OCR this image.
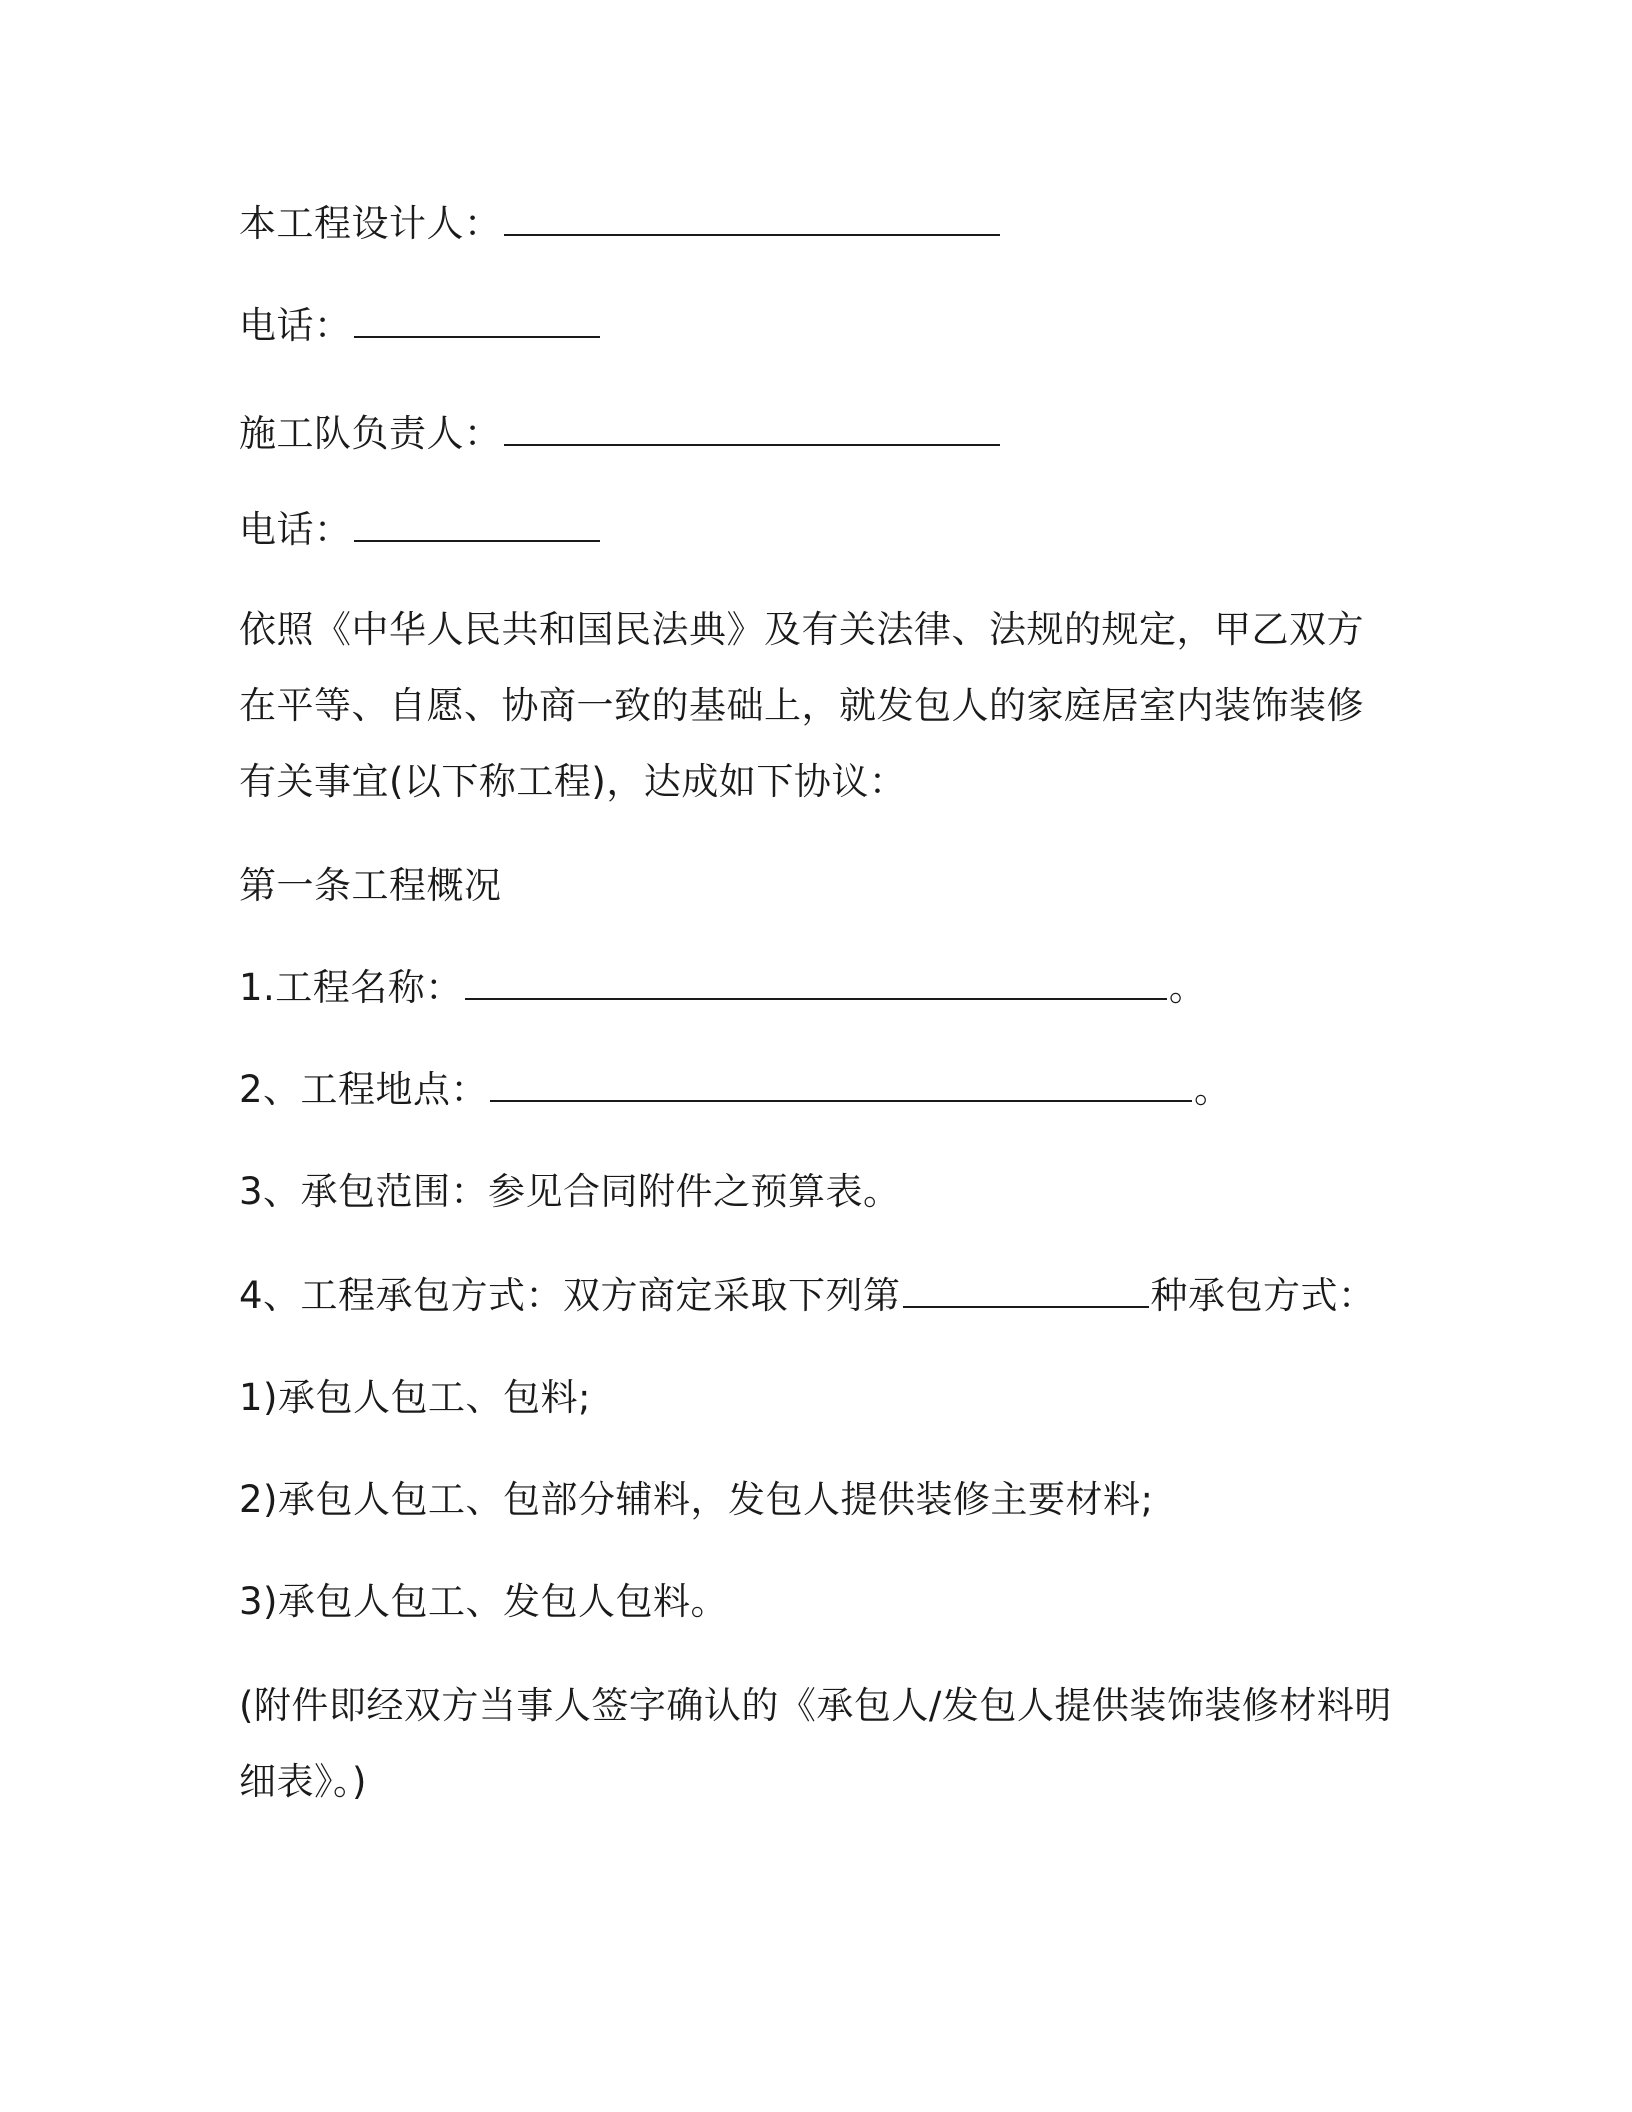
本工程设计人：
电话：
施工队负责人：
电话：
依照《中华人民共和国民法典》及有关法律、法规的规定，甲乙双方
在平等、自愿、协商一致的基础上，就发包人的家庭居室内装饰装修
有关事宜(以下称工程)，达成如下协议：
第一条工程概况
1.工程名称：	。
2、工程地点：	。
3、承包范围：参见合同附件之预算表。
4、工程承包方式：双方商定采取下列第	种承包方式：
1)承包人包工、包料;
2)承包人包工、包部分辅料，发包人提供装修主要材料;
3)承包人包工、发包人包料。
(附件即经双方当事人签字确认的《承包人/发包人提供装饰装修材料明
细表》。)
